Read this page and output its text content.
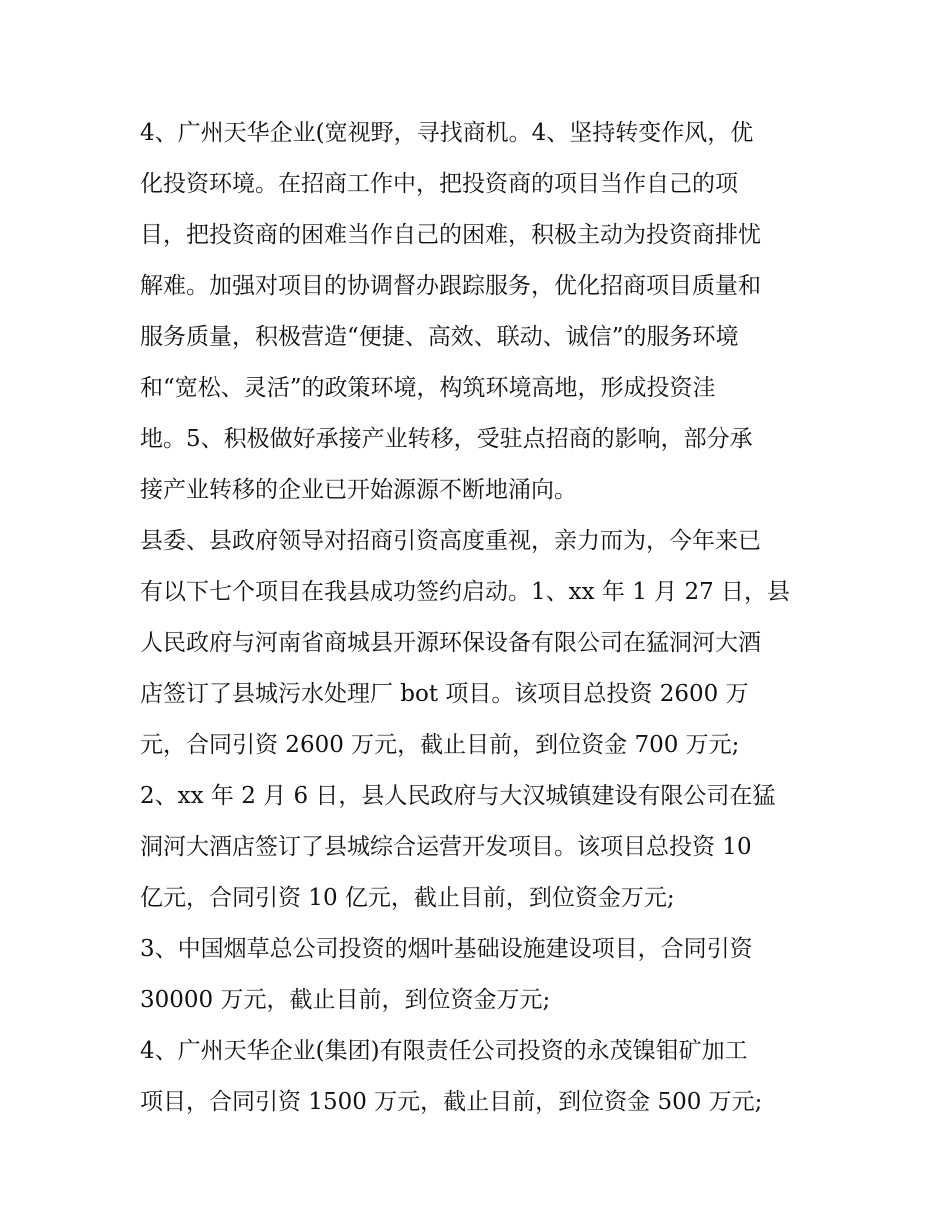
4、广州天华企业(宽视野，寻找商机。4、坚持转变作风，优
化投资环境。在招商工作中，把投资商的项目当作自己的项
目，把投资商的困难当作自己的困难，积极主动为投资商排忧
解难。加强对项目的协调督办跟踪服务，优化招商项目质量和
服务质量，积极营造“便捷、高效、联动、诚信”的服务环境
和“宽松、灵活”的政策环境，构筑环境高地，形成投资洼
地。5、积极做好承接产业转移，受驻点招商的影响，部分承
接产业转移的企业已开始源源不断地涌向。
县委、县政府领导对招商引资高度重视，亲力而为，今年来已
有以下七个项目在我县成功签约启动。1、xx 年 1 月 27 日，县
人民政府与河南省商城县开源环保设备有限公司在猛洞河大酒
店签订了县城污水处理厂 bot 项目。该项目总投资 2600 万
元，合同引资 2600 万元，截止目前，到位资金 700 万元;
2、xx 年 2 月 6 日，县人民政府与大汉城镇建设有限公司在猛
洞河大酒店签订了县城综合运营开发项目。该项目总投资 10
亿元，合同引资 10 亿元，截止目前，到位资金万元;
3、中国烟草总公司投资的烟叶基础设施建设项目，合同引资
30000 万元，截止目前，到位资金万元;
4、广州天华企业(集团)有限责任公司投资的永茂镍钼矿加工
项目，合同引资 1500 万元，截止目前，到位资金 500 万元;
